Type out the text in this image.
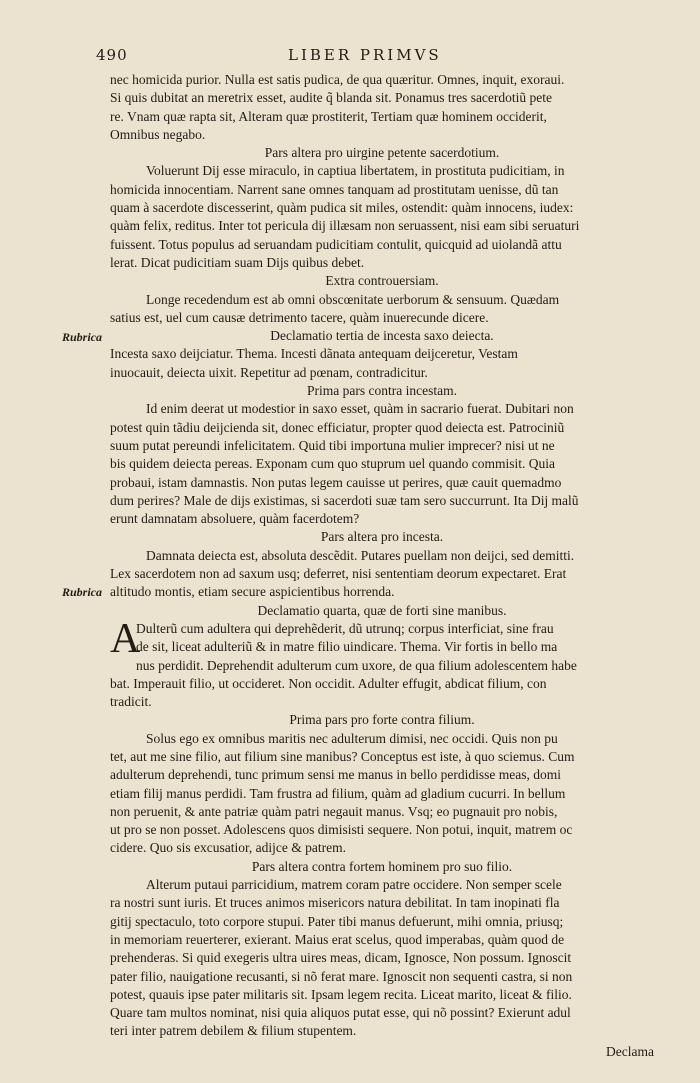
490	LIBER PRIMVS
Rubrica
Rubrica
nec homicida purior. Nulla est satis pudica, de qua quæritur. Omnes, inquit, exoraui.
Si quis dubitat an meretrix esset, audite q̃ blanda sit. Ponamus tres sacerdotiũ pete
re. Vnam quæ rapta sit, Alteram quæ prostiterit, Tertiam quæ hominem occiderit,
Omnibus negabo.
Pars altera pro uirgine petente sacerdotium.
Voluerunt Dĳ esse miraculo, in captiua libertatem, in prostituta pudicitiam, in
homicida innocentiam. Narrent sane omnes tanquam ad prostitutam uenisse, dũ tan
quam à sacerdote discesserint, quàm pudica sit miles, ostendit: quàm innocens, iudex:
quàm felix, reditus. Inter tot pericula dĳ illæsam non seruassent, nisi eam sibi seruaturi
fuissent. Totus populus ad seruandam pudicitiam contulit, quicquid ad uiolandã attu
lerat. Dicat pudicitiam suam Dĳs quibus debet.
Extra controuersiam.
Longe recedendum est ab omni obscœnitate uerborum & sensuum. Quædam
satius est, uel cum causæ detrimento tacere, quàm inuerecunde dicere.
Declamatio tertia de incesta saxo deiecta.
Incesta saxo deĳciatur. Thema. Incesti dãnata antequam deĳceretur, Vestam
inuocauit, deiecta uixit. Repetitur ad pœnam, contradicitur.
Prima pars contra incestam.
Id enim deerat ut modestior in saxo esset, quàm in sacrario fuerat. Dubitari non
potest quin tãdiu deĳcienda sit, donec efficiatur, propter quod deiecta est. Patrociniũ
suum putat pereundi infelicitatem. Quid tibi importuna mulier imprecer? nisi ut ne
bis quidem deiecta pereas. Exponam cum quo stuprum uel quando commisit. Quia
probaui, istam damnastis. Non putas legem cauisse ut perires, quæ cauit quemadmo
dum perires? Male de dĳs existimas, si sacerdoti suæ tam sero succurrunt. Ita Dĳ malũ
erunt damnatam absoluere, quàm facerdotem?
Pars altera pro incesta.
Damnata deiecta est, absoluta descẽdit. Putares puellam non deĳci, sed demitti.
Lex sacerdotem non ad saxum usq; deferret, nisi sententiam deorum expectaret. Erat
altitudo montis, etiam secure aspicientibus horrenda.
Declamatio quarta, quæ de forti sine manibus.
A
Dulterũ cum adultera qui deprehẽderit, dũ utrunq; corpus interficiat, sine frau
de sit, liceat adulteriũ & in matre filio uindicare. Thema. Vir fortis in bello ma
nus perdidit. Deprehendit adulterum cum uxore, de qua filium adolescentem habe
bat. Imperauit filio, ut occideret. Non occidit. Adulter effugit, abdicat filium, con
tradicit.
Prima pars pro forte contra filium.
Solus ego ex omnibus maritis nec adulterum dimisi, nec occidi. Quis non pu
tet, aut me sine filio, aut filium sine manibus? Conceptus est iste, à quo sciemus. Cum
adulterum deprehendi, tunc primum sensi me manus in bello perdidisse meas, domi
etiam filĳ manus perdidi. Tam frustra ad filium, quàm ad gladium cucurri. In bellum
non peruenit, & ante patriæ quàm patri negauit manus. Vsq; eo pugnauit pro nobis,
ut pro se non posset. Adolescens quos dimisisti sequere. Non potui, inquit, matrem oc
cidere. Quo sis excusatior, adĳce & patrem.
Pars altera contra fortem hominem pro suo filio.
Alterum putaui parricidium, matrem coram patre occidere. Non semper scele
ra nostri sunt iuris. Et truces animos misericors natura debilitat. In tam inopinati fla
gitĳ spectaculo, toto corpore stupui. Pater tibi manus defuerunt, mihi omnia, priusq;
in memoriam reuerterer, exierant. Maius erat scelus, quod imperabas, quàm quod de
prehenderas. Si quid exegeris ultra uires meas, dicam, Ignosce, Non possum. Ignoscit
pater filio, nauigatione recusanti, si nõ ferat mare. Ignoscit non sequenti castra, si non
potest, quauis ipse pater militaris sit. Ipsam legem recita. Liceat marito, liceat & filio.
Quare tam multos nominat, nisi quia aliquos putat esse, qui nõ possint? Exierunt adul
teri inter patrem debilem & filium stupentem.
Declama
